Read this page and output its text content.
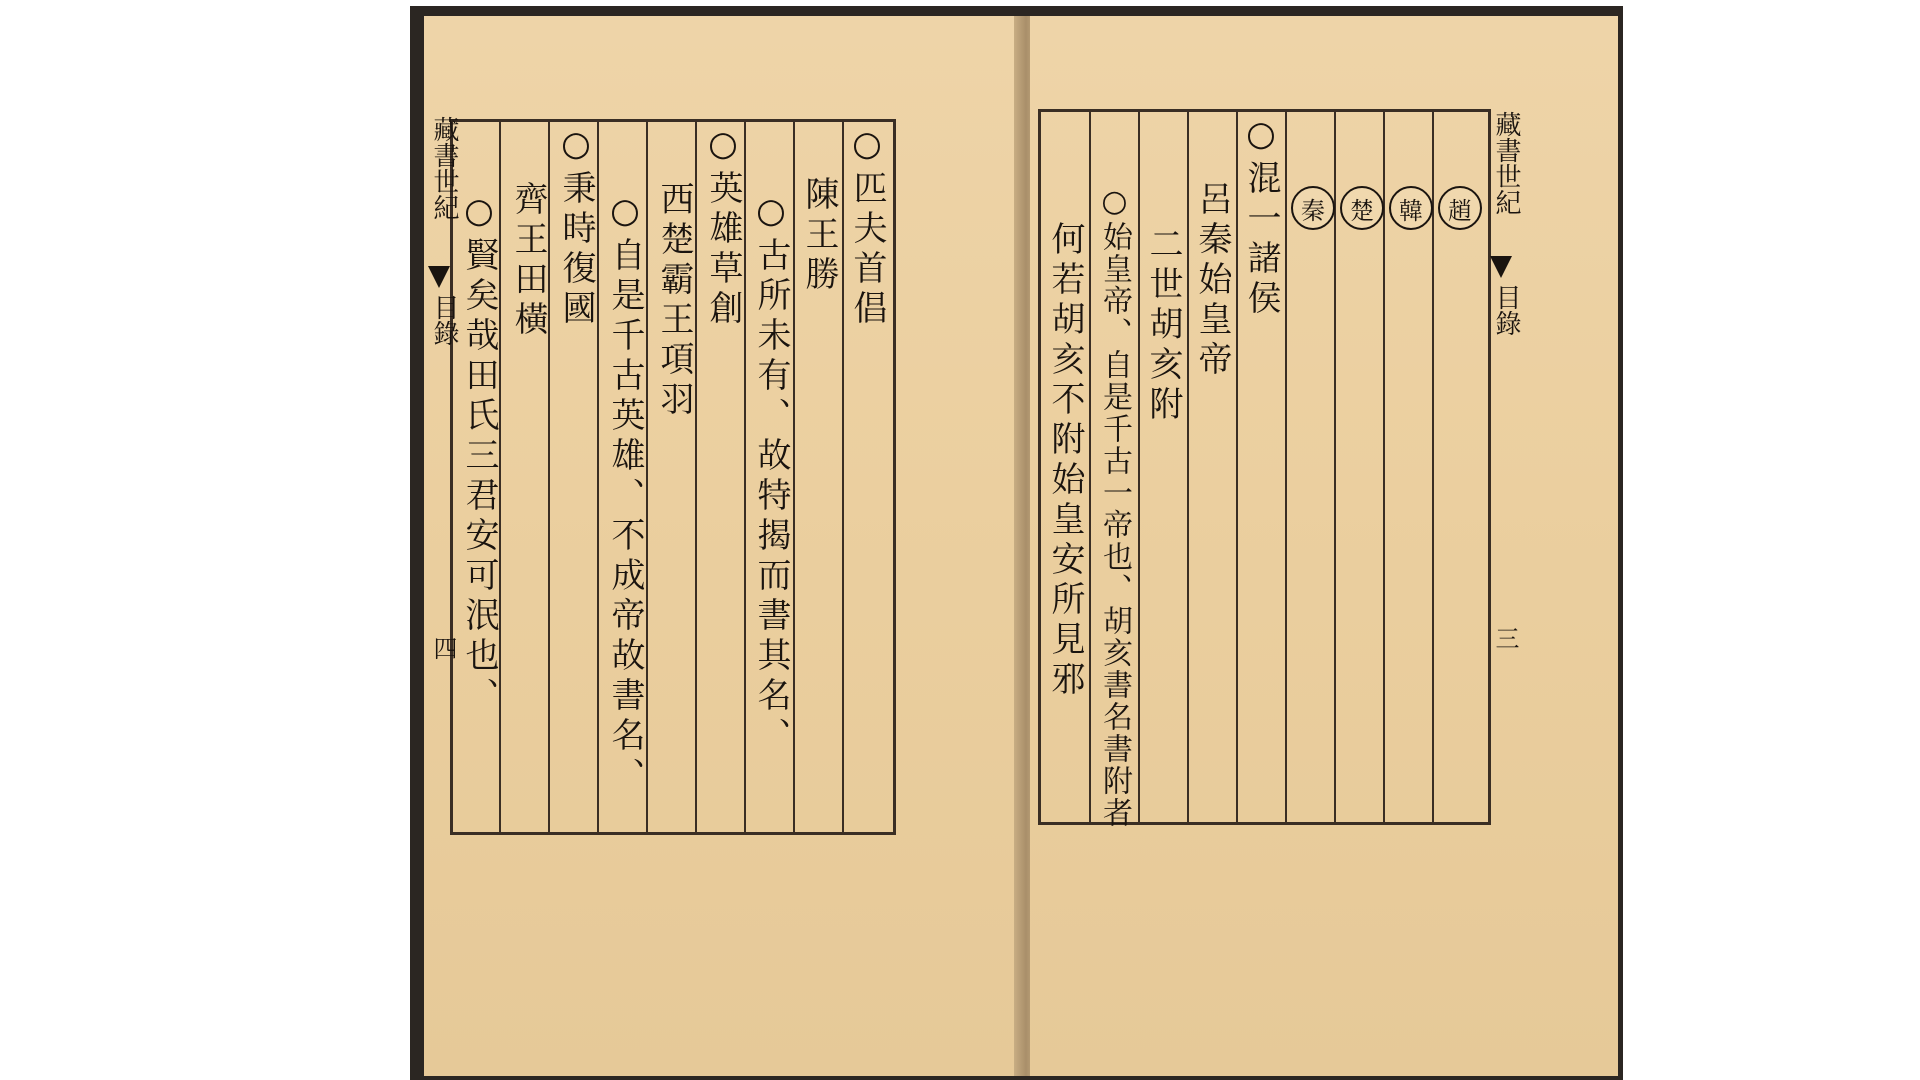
藏書世紀
目錄
四
○匹夫首倡
陳王勝
○古所未有、故特揭而書其名、
○英雄草創
西楚霸王項羽
○自是千古英雄、不成帝故書名、
○秉時復國
齊王田橫
○賢矣哉田氏三君安可泯也、
藏書世紀
目錄
三
趙
韓
楚
秦
○混一諸侯
呂秦始皇帝
二世胡亥附
○始皇帝、自是千古一帝也、胡亥書名書附者
何若胡亥不附始皇安所見邪
